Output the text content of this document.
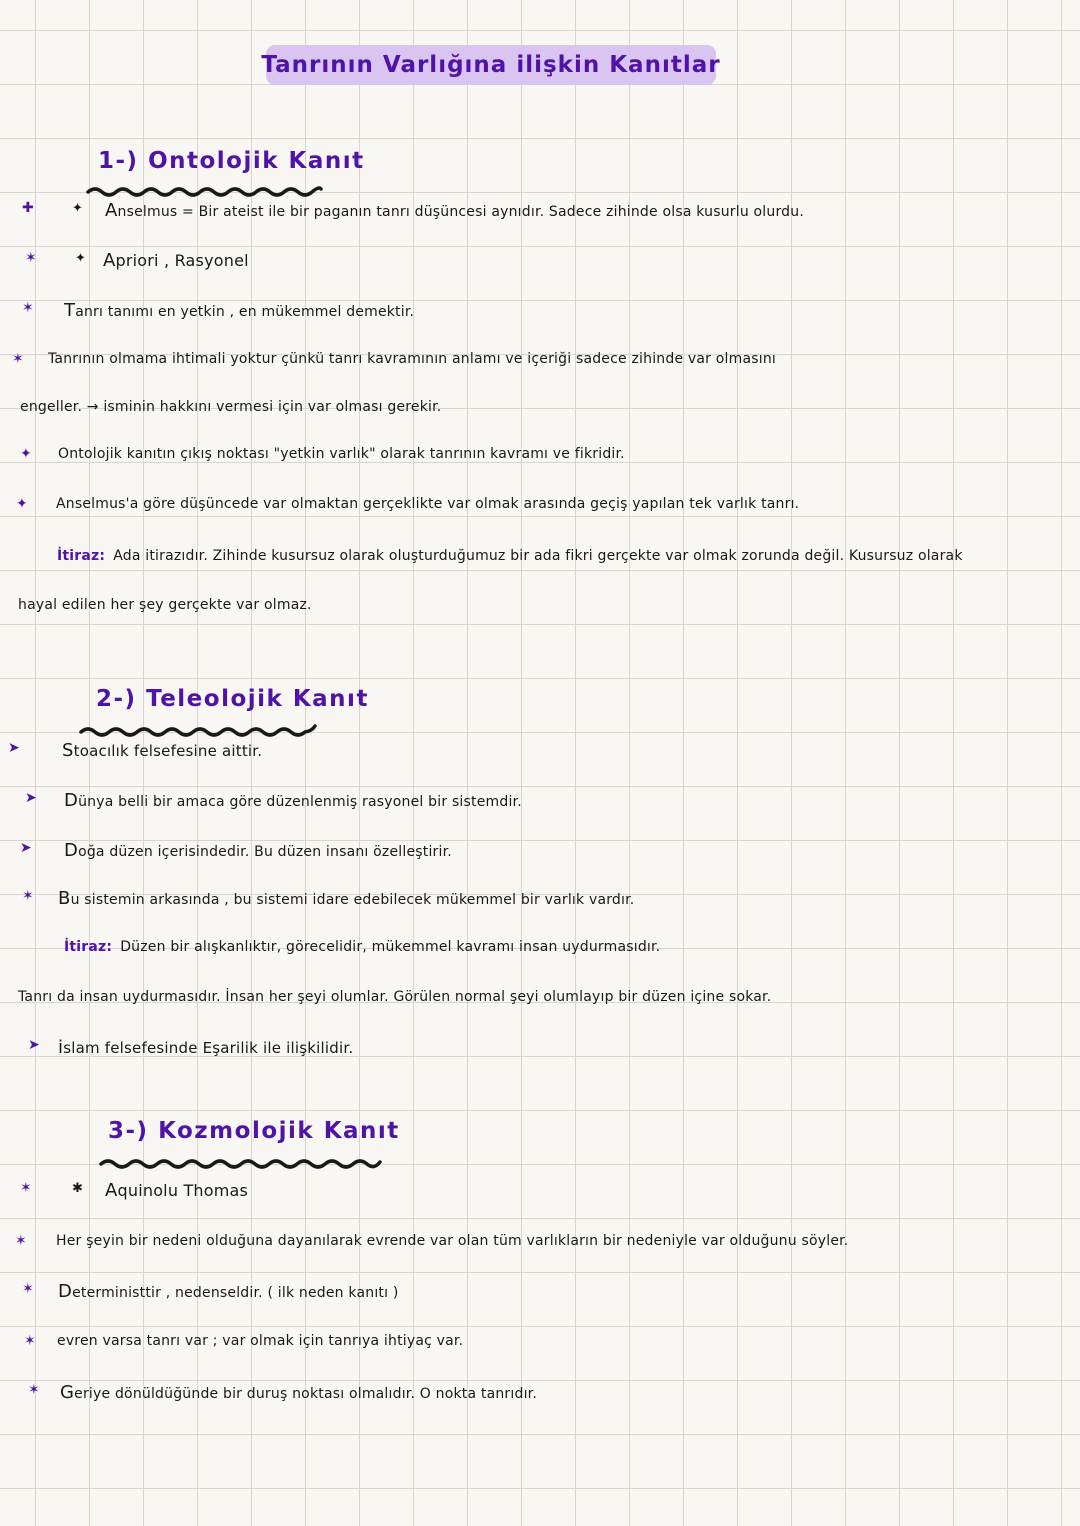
Tanrının Varlığına ilişkin Kanıtlar
1-) Ontolojik Kanıt
✚	✦ Anselmus = Bir ateist ile bir paganın tanrı düşüncesi aynıdır. Sadece zihinde olsa kusurlu olurdu.
✶	✦ Apriori , Rasyonel
✶ Tanrı tanımı en yetkin , en mükemmel demektir.
✶ Tanrının olmama ihtimali yoktur çünkü tanrı kavramının anlamı ve içeriği sadece zihinde var olmasını
engeller. → isminin hakkını vermesi için var olması gerekir.
✦ Ontolojik kanıtın çıkış noktası "yetkin varlık" olarak tanrının kavramı ve fikridir.
✦ Anselmus'a göre düşüncede var olmaktan gerçeklikte var olmak arasında geçiş yapılan tek varlık tanrı.
İtiraz: Ada itirazıdır. Zihinde kusursuz olarak oluşturduğumuz bir ada fikri gerçekte var olmak zorunda değil. Kusursuz olarak
hayal edilen her şey gerçekte var olmaz.
2-) Teleolojik Kanıt
➤	Stoacılık felsefesine aittir.
➤ Dünya belli bir amaca göre düzenlenmiş rasyonel bir sistemdir.
➤ Doğa düzen içerisindedir. Bu düzen insanı özelleştirir.
✶ Bu sistemin arkasında , bu sistemi idare edebilecek mükemmel bir varlık vardır.
İtiraz: Düzen bir alışkanlıktır, görecelidir, mükemmel kavramı insan uydurmasıdır.
Tanrı da insan uydurmasıdır. İnsan her şeyi olumlar. Görülen normal şeyi olumlayıp bir düzen içine sokar.
➤ islam felsefesinde Eşarilik ile ilişkilidir.
3-) Kozmolojik Kanıt
✶	✱ Aquinolu Thomas
✶ Her şeyin bir nedeni olduğuna dayanılarak evrende var olan tüm varlıkların bir nedeniyle var olduğunu söyler.
✶ Deterministtir , nedenseldir. ( ilk neden kanıtı )
✶ evren varsa tanrı var ; var olmak için tanrıya ihtiyaç var.
✶ Geriye dönüldüğünde bir duruş noktası olmalıdır. O nokta tanrıdır.
